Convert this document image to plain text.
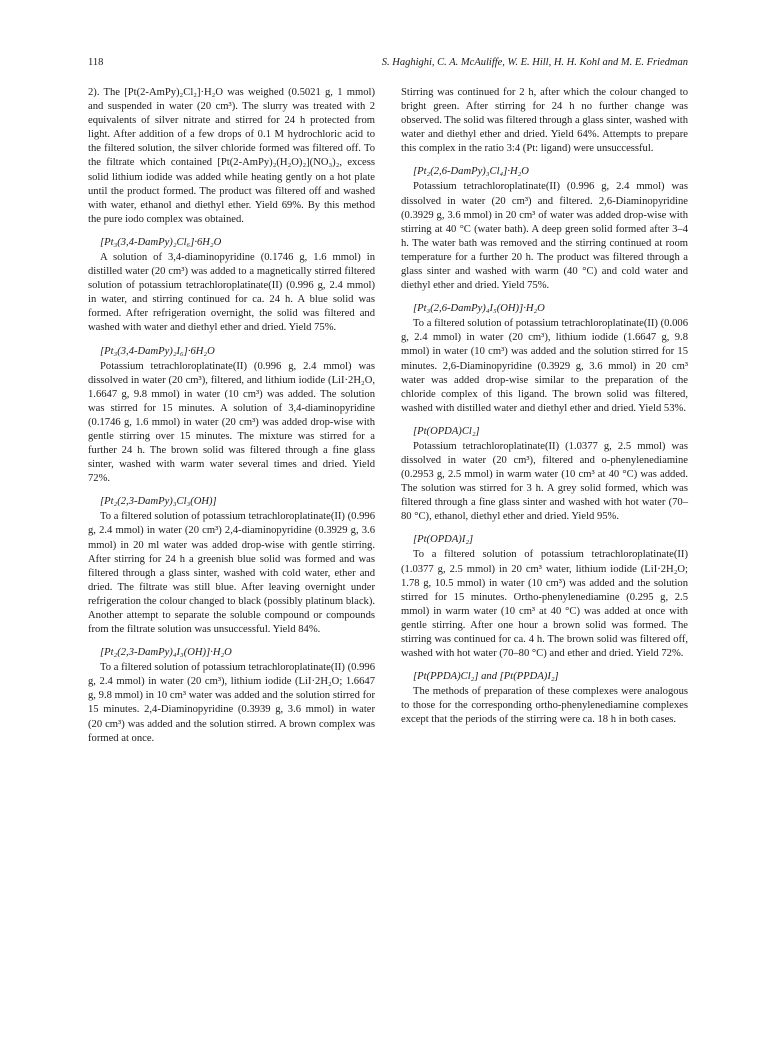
118	S. Haghighi, C. A. McAuliffe, W. E. Hill, H. H. Kohl and M. E. Friedman

2). The [Pt(2-AmPy)₂Cl₂]·H₂O was weighed (0.5021 g, 1 mmol) and suspended in water (20 cm³). The slurry was treated with 2 equivalents of silver nitrate and stirred for 24 h protected from light. After addition of a few drops of 0.1 M hydrochloric acid to the filtered solution, the silver chloride formed was filtered off. To the filtrate which contained [Pt(2-AmPy)₂(H₂O)₂](NO₃)₂, excess solid lithium iodide was added while heating gently on a hot plate until the product formed. The product was filtered off and washed with water, ethanol and diethyl ether. Yield 69%. By this method the pure iodo complex was obtained.

[Pt₃(3,4-DamPy)₂Cl₆]·6H₂O

A solution of 3,4-diaminopyridine (0.1746 g, 1.6 mmol) in distilled water (20 cm³) was added to a magnetically stirred filtered solution of potassium tetrachloroplatinate(II) (0.996 g, 2.4 mmol) in water, and stirring continued for ca. 24 h. A blue solid was formed. After refrigeration overnight, the solid was filtered and washed with water and diethyl ether and dried. Yield 75%.

[Pt₃(3,4-DamPy)₂I₆]·6H₂O

Potassium tetrachloroplatinate(II) (0.996 g, 2.4 mmol) was dissolved in water (20 cm³), filtered, and lithium iodide (LiI·2H₂O, 1.6647 g, 9.8 mmol) in water (10 cm³) was added. The solution was stirred for 15 minutes. A solution of 3,4-diaminopyridine (0.1746 g, 1.6 mmol) in water (20 cm³) was added drop-wise with gentle stirring over 15 minutes. The mixture was stirred for a further 24 h. The brown solid was filtered through a fine glass sinter, washed with warm water several times and dried. Yield 72%.

[Pt₂(2,3-DamPy)₃Cl₃(OH)]

To a filtered solution of potassium tetrachloroplatinate(II) (0.996 g, 2.4 mmol) in water (20 cm³) 2,4-diaminopyridine (0.3929 g, 3.6 mmol) in 20 ml water was added drop-wise with gentle stirring. After stirring for 24 h a greenish blue solid was formed and was filtered through a glass sinter, washed with cold water, ether and dried. The filtrate was still blue. After leaving overnight under refrigeration the colour changed to black (possibly platinum black). Another attempt to separate the soluble compound or compounds from the filtrate solution was unsuccessful. Yield 84%.

[Pt₂(2,3-DamPy)₄I₃(OH)]·H₂O

To a filtered solution of potassium tetrachloroplatinate(II) (0.996 g, 2.4 mmol) in water (20 cm³), lithium iodide (LiI·2H₂O; 1.6647 g, 9.8 mmol) in 10 cm³ water was added and the solution stirred for 15 minutes. 2,4-Diaminopyridine (0.3939 g, 3.6 mmol) in water (20 cm³) was added and the solution stirred. A brown complex was formed at once.

Stirring was continued for 2 h, after which the colour changed to bright green. After stirring for 24 h no further change was observed. The solid was filtered through a glass sinter, washed with water and diethyl ether and dried. Yield 64%. Attempts to prepare this complex in the ratio 3:4 (Pt: ligand) were unsuccessful.

[Pt₂(2,6-DamPy)₃Cl₄]·H₂O

Potassium tetrachloroplatinate(II) (0.996 g, 2.4 mmol) was dissolved in water (20 cm³) and filtered. 2,6-Diaminopyridine (0.3929 g, 3.6 mmol) in 20 cm³ of water was added drop-wise with stirring at 40 °C (water bath). A deep green solid formed after 3–4 h. The water bath was removed and the stirring continued at room temperature for a further 20 h. The product was filtered through a glass sinter and washed with warm (40 °C) and cold water and diethyl ether and dried. Yield 75%.

[Pt₃(2,6-DamPy)₄I₅(OH)]·H₂O

To a filtered solution of potassium tetrachloroplatinate(II) (0.006 g, 2.4 mmol) in water (20 cm³), lithium iodide (1.6647 g, 9.8 mmol) in water (10 cm³) was added and the solution stirred for 15 minutes. 2,6-Diaminopyridine (0.3929 g, 3.6 mmol) in 20 cm³ water was added drop-wise similar to the preparation of the chloride complex of this ligand. The brown solid was filtered, washed with distilled water and diethyl ether and dried. Yield 53%.

[Pt(OPDA)Cl₂]

Potassium tetrachloroplatinate(II) (1.0377 g, 2.5 mmol) was dissolved in water (20 cm³), filtered and o-phenylenediamine (0.2953 g, 2.5 mmol) in warm water (10 cm³ at 40 °C) was added. The solution was stirred for 3 h. A grey solid formed, which was filtered through a fine glass sinter and washed with hot water (70–80 °C), ethanol, diethyl ether and dried. Yield 95%.

[Pt(OPDA)I₂]

To a filtered solution of potassium tetrachloroplatinate(II) (1.0377 g, 2.5 mmol) in 20 cm³ water, lithium iodide (LiI·2H₂O; 1.78 g, 10.5 mmol) in water (10 cm³) was added and the solution stirred for 15 minutes. Ortho-phenylenediamine (0.295 g, 2.5 mmol) in warm water (10 cm³ at 40 °C) was added at once with gentle stirring. After one hour a brown solid was formed. The stirring was continued for ca. 4 h. The brown solid was filtered off, washed with hot water (70–80 °C) and ether and dried. Yield 72%.

[Pt(PPDA)Cl₂] and [Pt(PPDA)I₂]

The methods of preparation of these complexes were analogous to those for the corresponding ortho-phenylenediamine complexes except that the periods of the stirring were ca. 18 h in both cases.
